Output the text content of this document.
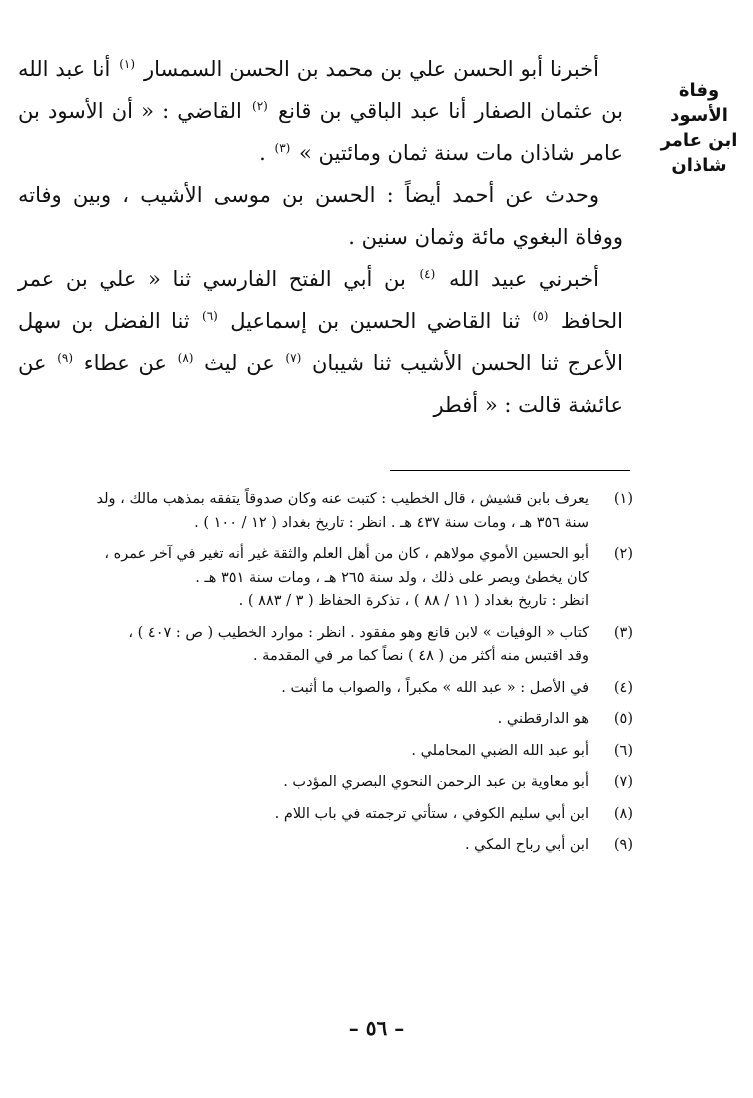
وفاة الأسود
ابن عامر
شاذان

أخبرنا أبو الحسن علي بن محمد بن الحسن السمسار $^{(١)}$ أنا عبد الله بن عثمان الصفار أنا عبد الباقي بن قانع $^{(٢)}$ القاضي : « أن الأسود بن عامر شاذان مات سنة ثمان ومائتين » $^{(٣)}$ .

وحدث عن أحمد أيضاً : الحسن بن موسى الأشيب ، وبين وفاته ووفاة البغوي مائة وثمان سنين .

أخبرني عبيد الله $^{(٤)}$ بن أبي الفتح الفارسي ثنا « علي بن عمر الحافظ $^{(٥)}$ ثنا القاضي الحسين بن إسماعيل $^{(٦)}$ ثنا الفضل بن سهل الأعرج ثنا الحسن الأشيب ثنا شيبان $^{(٧)}$ عن ليث $^{(٨)}$ عن عطاء $^{(٩)}$ عن عائشة قالت : « أفطر

(١)
يعرف بابن قشيش ، قال الخطيب : كتبت عنه وكان صدوقاً يتفقه بمذهب مالك ، ولد
سنة ٣٥٦ هـ ، ومات سنة ٤٣٧ هـ . انظر : تاريخ بغداد ( ١٢ / ١٠٠ ) .
(٢)
أبو الحسين الأموي مولاهم ، كان من أهل العلم والثقة غير أنه تغير في آخر عمره ،
كان يخطئ ويصر على ذلك ، ولد سنة ٢٦٥ هـ ، ومات سنة ٣٥١ هـ .
انظر : تاريخ بغداد ( ١١ / ٨٨ ) ، تذكرة الحفاظ ( ٣ / ٨٨٣ ) .
(٣)
كتاب « الوفيات » لابن قانع وهو مفقود . انظر : موارد الخطيب ( ص : ٤٠٧ ) ،
وقد اقتبس منه أكثر من ( ٤٨ ) نصاً كما مر في المقدمة .
(٤)
في الأصل : « عبد الله » مكبراً ، والصواب ما أثبت .
(٥)
هو الدارقطني .
(٦)
أبو عبد الله الضبي المحاملي .
(٧)
أبو معاوية بن عبد الرحمن النحوي البصري المؤدب .
(٨)
ابن أبي سليم الكوفي ، ستأتي ترجمته في باب اللام .
(٩)
ابن أبي رباح المكي .
– ٥٦ –
